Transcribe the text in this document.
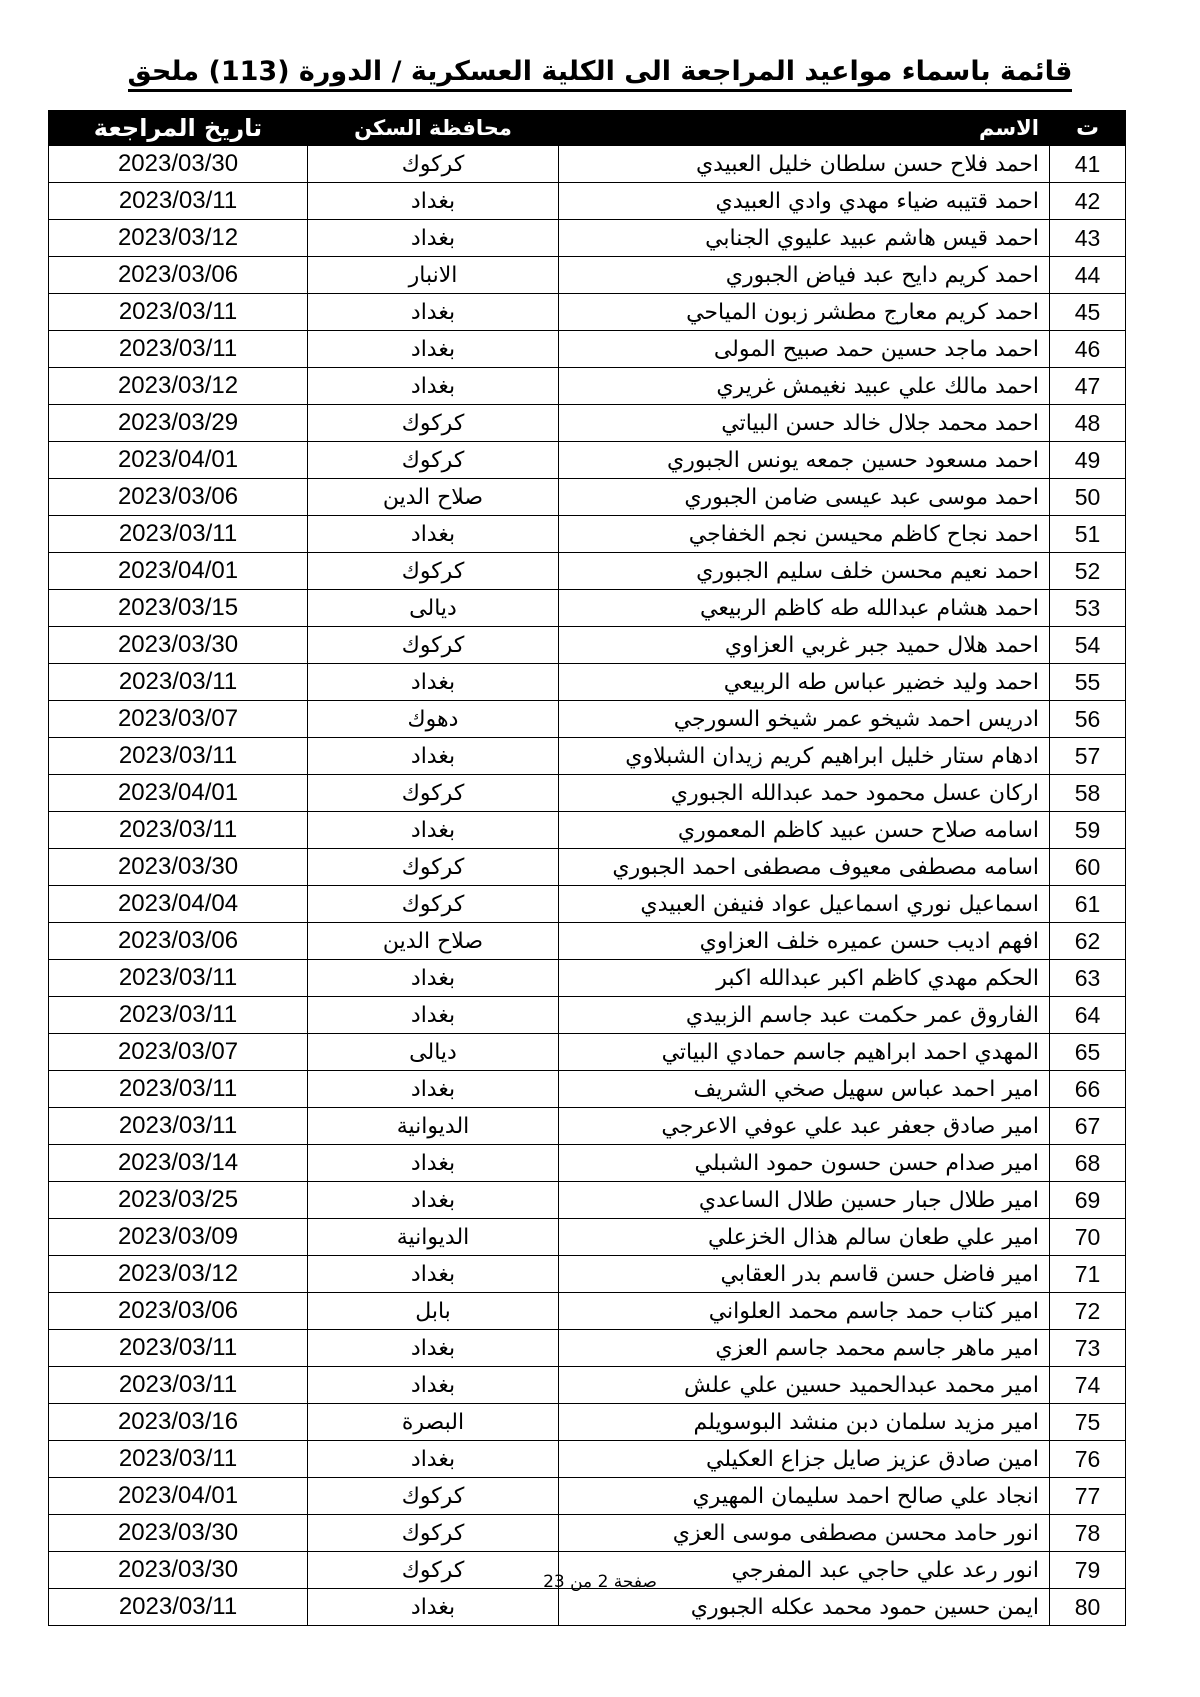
قائمة باسماء مواعيد المراجعة الى الكلية العسكرية / الدورة (113) ملحق
ت	الاسم	محافظة السكن	تاريخ المراجعة
41	احمد فلاح حسن سلطان خليل العبيدي	كركوك	2023/03/30
42	احمد قتيبه ضياء مهدي وادي العبيدي	بغداد	2023/03/11
43	احمد قيس هاشم عبيد عليوي الجنابي	بغداد	2023/03/12
44	احمد كريم دايح عبد فياض الجبوري	الانبار	2023/03/06
45	احمد كريم معارج مطشر زبون المياحي	بغداد	2023/03/11
46	احمد ماجد حسين حمد صبيح المولى	بغداد	2023/03/11
47	احمد مالك علي عبيد نغيمش غريري	بغداد	2023/03/12
48	احمد محمد جلال خالد حسن البياتي	كركوك	2023/03/29
49	احمد مسعود حسين جمعه يونس الجبوري	كركوك	2023/04/01
50	احمد موسى عبد عيسى ضامن الجبوري	صلاح الدين	2023/03/06
51	احمد نجاح كاظم محيسن نجم الخفاجي	بغداد	2023/03/11
52	احمد نعيم محسن خلف سليم الجبوري	كركوك	2023/04/01
53	احمد هشام عبدالله طه كاظم الربيعي	ديالى	2023/03/15
54	احمد هلال حميد جبر غربي العزاوي	كركوك	2023/03/30
55	احمد وليد خضير عباس طه الربيعي	بغداد	2023/03/11
56	ادريس احمد شيخو عمر شيخو السورجي	دهوك	2023/03/07
57	ادهام ستار خليل ابراهيم كريم زيدان الشبلاوي	بغداد	2023/03/11
58	اركان عسل محمود حمد عبدالله الجبوري	كركوك	2023/04/01
59	اسامه صلاح حسن عبيد كاظم المعموري	بغداد	2023/03/11
60	اسامه مصطفى معيوف مصطفى احمد الجبوري	كركوك	2023/03/30
61	اسماعيل نوري اسماعيل عواد فنيفن العبيدي	كركوك	2023/04/04
62	افهم اديب حسن عميره خلف العزاوي	صلاح الدين	2023/03/06
63	الحكم مهدي كاظم اكبر عبدالله اكبر	بغداد	2023/03/11
64	الفاروق عمر حكمت عبد جاسم الزبيدي	بغداد	2023/03/11
65	المهدي احمد ابراهيم جاسم حمادي البياتي	ديالى	2023/03/07
66	امير احمد عباس سهيل صخي الشريف	بغداد	2023/03/11
67	امير صادق جعفر عبد علي عوفي الاعرجي	الديوانية	2023/03/11
68	امير صدام حسن حسون حمود الشبلي	بغداد	2023/03/14
69	امير طلال جبار حسين طلال الساعدي	بغداد	2023/03/25
70	امير علي طعان سالم هذال الخزعلي	الديوانية	2023/03/09
71	امير فاضل حسن قاسم بدر العقابي	بغداد	2023/03/12
72	امير كتاب حمد جاسم محمد العلواني	بابل	2023/03/06
73	امير ماهر جاسم محمد جاسم العزي	بغداد	2023/03/11
74	امير محمد عبدالحميد حسين علي علش	بغداد	2023/03/11
75	امير مزيد سلمان دبن منشد البوسويلم	البصرة	2023/03/16
76	امين صادق عزيز صايل جزاع العكيلي	بغداد	2023/03/11
77	انجاد علي صالح احمد سليمان المهيري	كركوك	2023/04/01
78	انور حامد محسن مصطفى موسى العزي	كركوك	2023/03/30
79	انور رعد علي حاجي عبد المفرجي	كركوك	2023/03/30
80	ايمن حسين حمود محمد عكله الجبوري	بغداد	2023/03/11
صفحة 2 من 23
